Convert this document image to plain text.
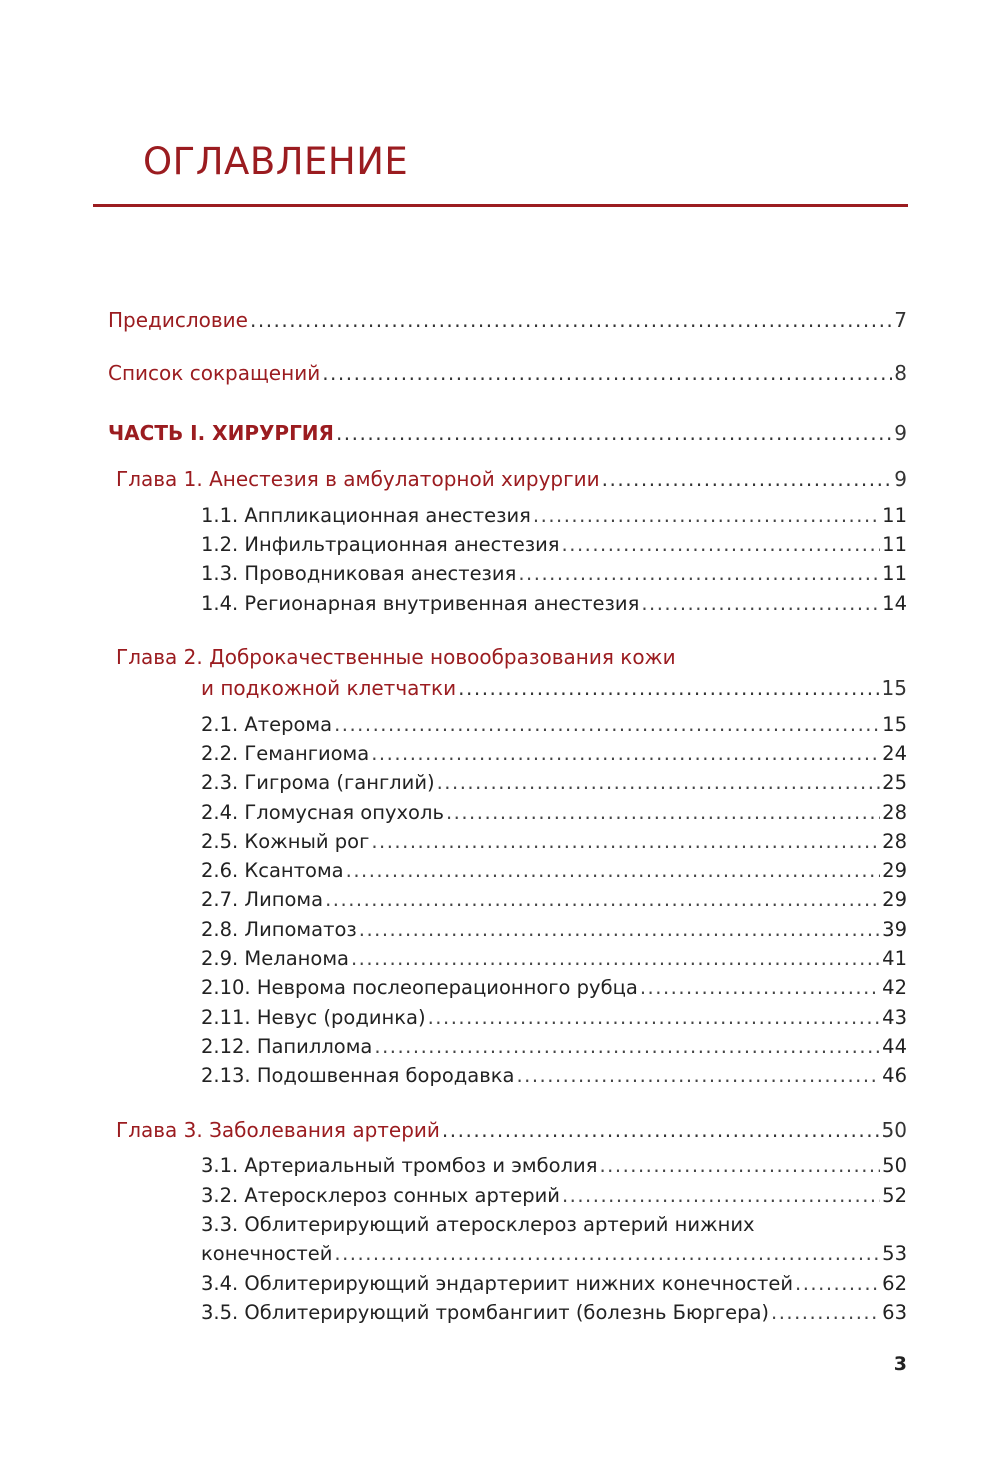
ОГЛАВЛЕНИЕ
Предисловие .....	7
Список сокращений .....	8
ЧАСТЬ I. ХИРУРГИЯ .....	9
Глава 1. Анестезия в амбулаторной хирургии .....	9
1.1. Аппликационная анестезия .....	11
1.2. Инфильтрационная анестезия .....	11
1.3. Проводниковая анестезия .....	11
1.4. Регионарная внутривенная анестезия .....	14
Глава 2. Доброкачественные новообразования кожи
и подкожной клетчатки .....	15
2.1. Атерома .....	15
2.2. Гемангиома .....	24
2.3. Гигрома (ганглий) .....	25
2.4. Гломусная опухоль .....	28
2.5. Кожный рог .....	28
2.6. Ксантома .....	29
2.7. Липома .....	29
2.8. Липоматоз .....	39
2.9. Меланома .....	41
2.10. Неврома послеоперационного рубца .....	42
2.11. Невус (родинка) .....	43
2.12. Папиллома .....	44
2.13. Подошвенная бородавка .....	46
Глава 3. Заболевания артерий .....	50
3.1. Артериальный тромбоз и эмболия .....	50
3.2. Атеросклероз сонных артерий .....	52
3.3. Облитерирующий атеросклероз артерий нижних
конечностей .....	53
3.4. Облитерирующий эндартериит нижних конечностей .....	62
3.5. Облитерирующий тромбангиит (болезнь Бюргера) .....	63
3
